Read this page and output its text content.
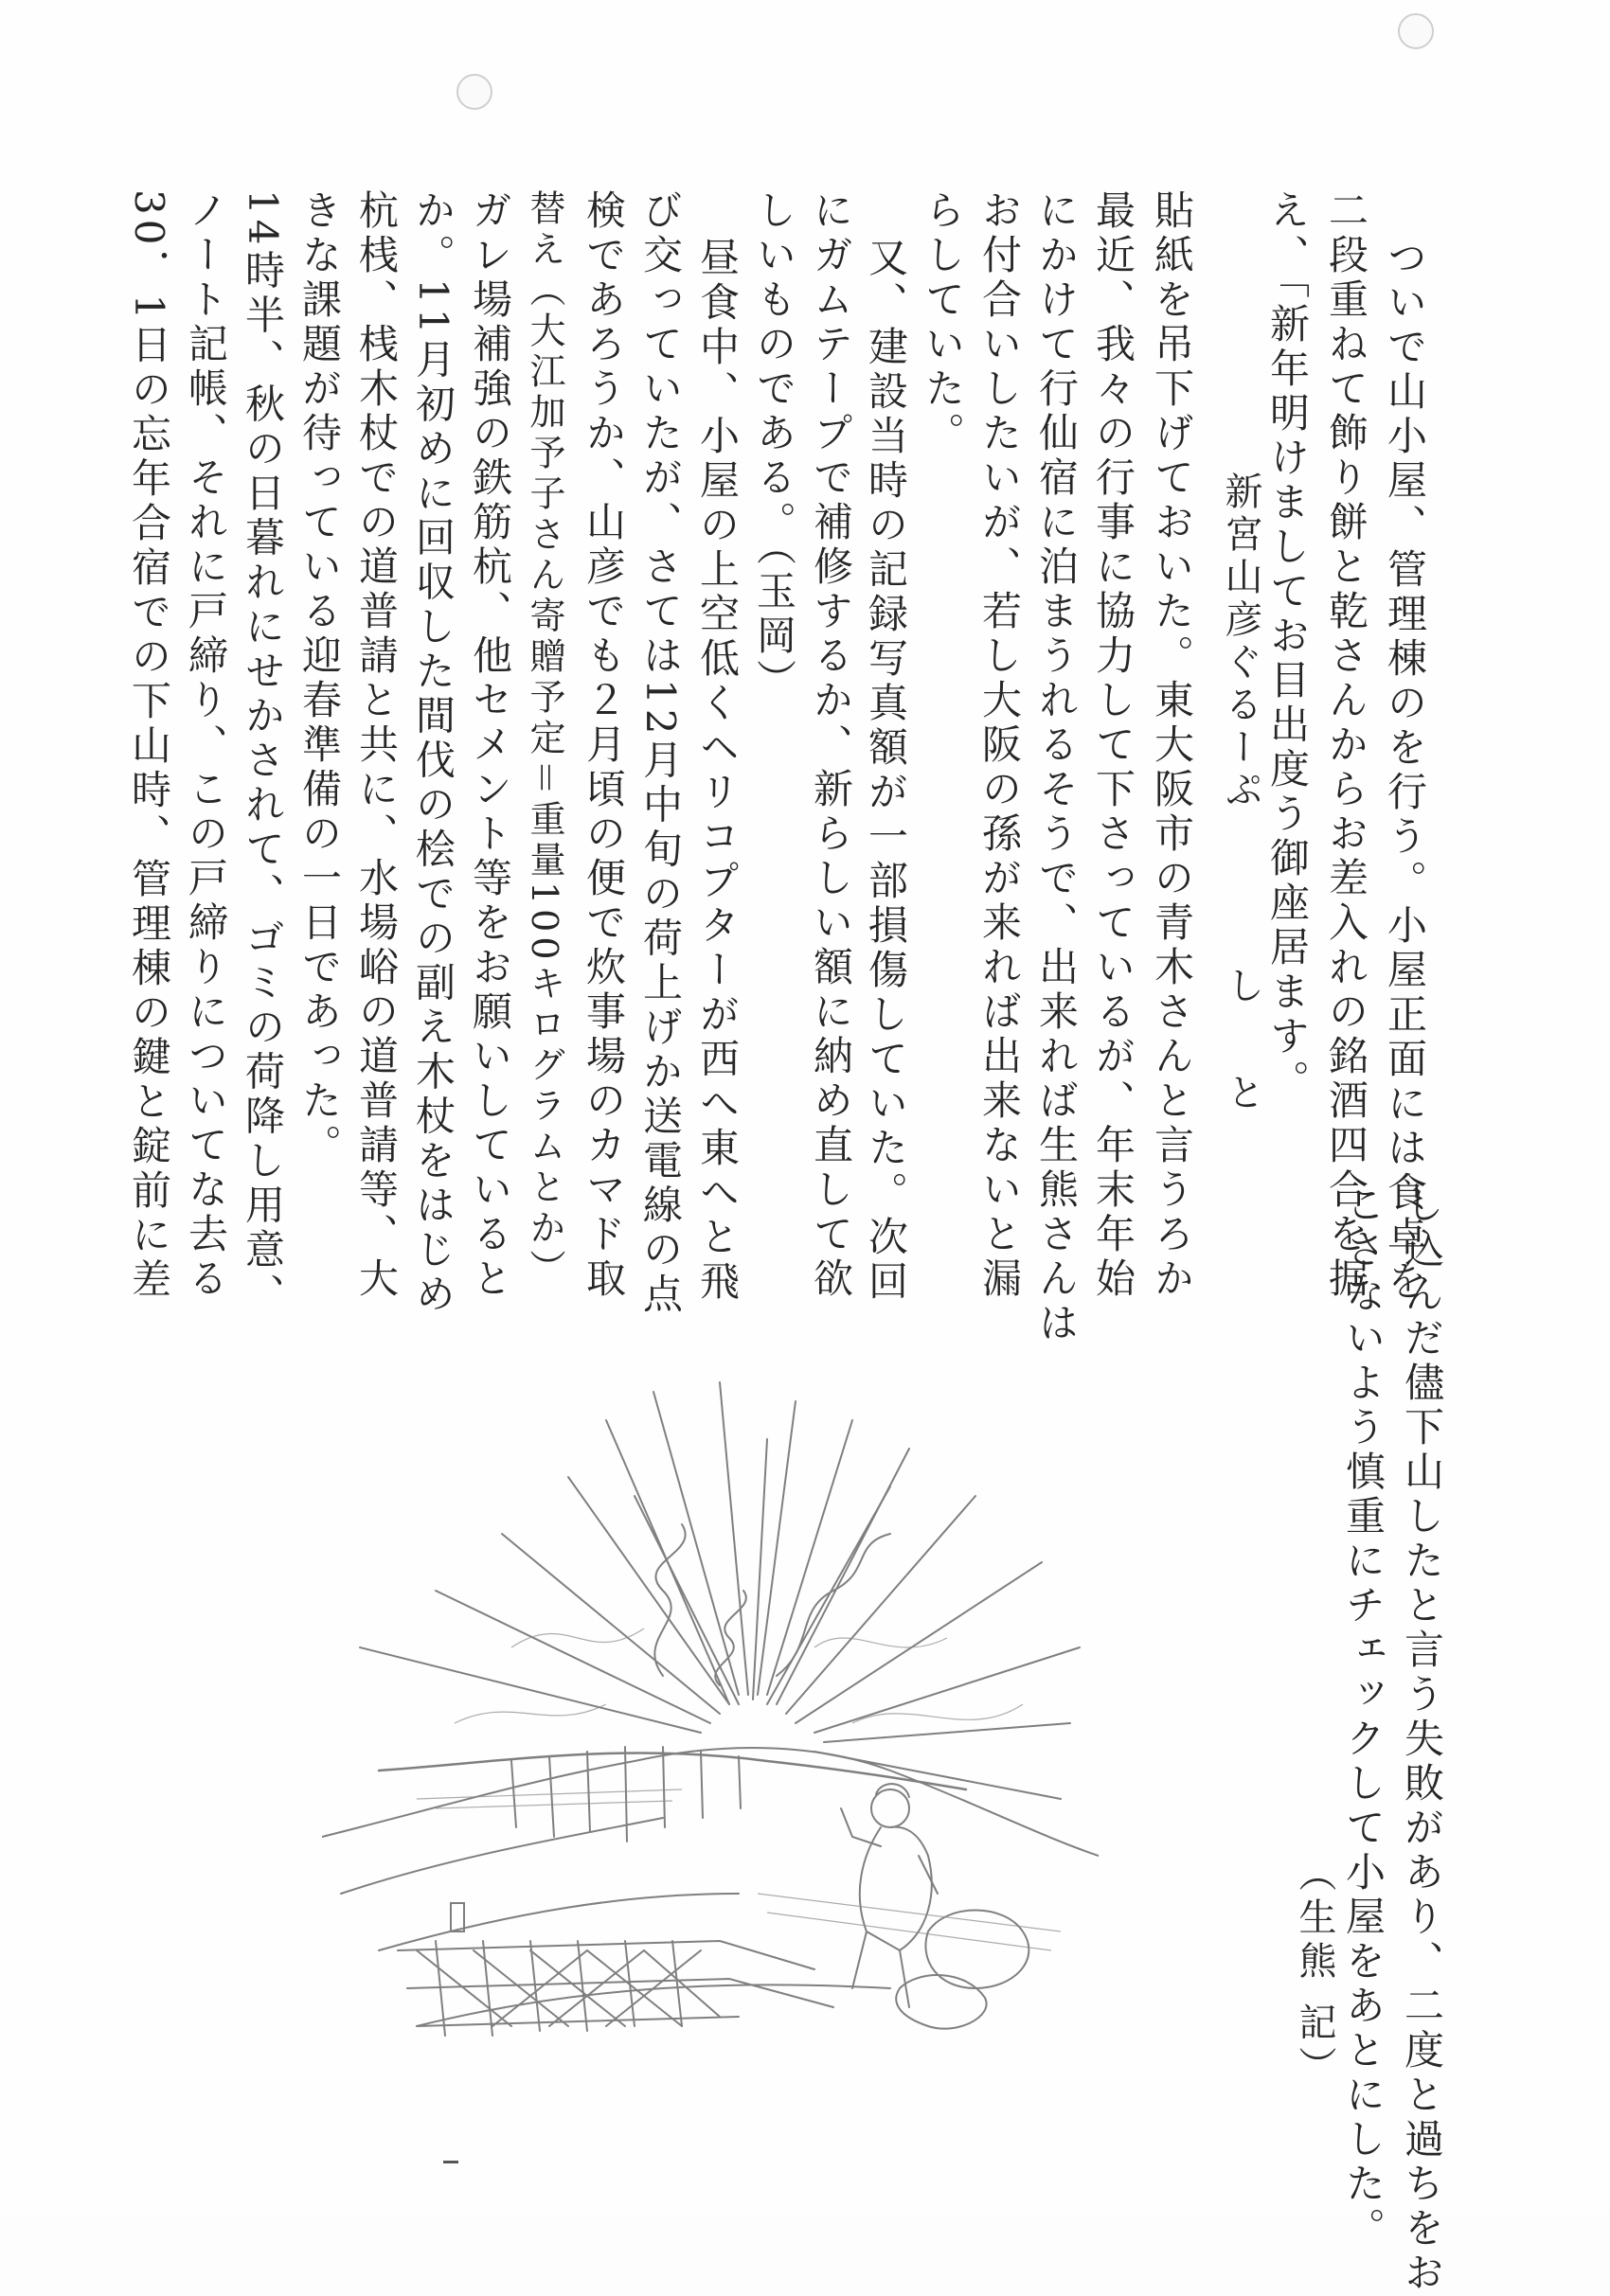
ついで山小屋、管理棟のを行う。小屋正面には食卓を
二段重ねて飾り餅と乾さんからお差入れの銘酒四合を据
え、「新年明けましてお目出度う御座居ます。
新宮山彦ぐるーぷ
し と
貼紙を吊下げておいた。東大阪市の青木さんと言うろか
最近、我々の行事に協力して下さっているが、年末年始
にかけて行仙宿に泊まうれるそうで、出来れば生熊さんは
お付合いしたいが、若し大阪の孫が来れば出来ないと漏
らしていた。
又、建設当時の記録写真額が一部損傷していた。次回
にガムテープで補修するか、新らしい額に納め直して欲
しいものである。（玉岡）
昼食中、小屋の上空低くヘリコプターが西へ東へと飛
び交っていたが、さては12月中旬の荷上げか送電線の点
検であろうか、山彦でも２月頃の便で炊事場のカマド取
替え（大江加予子さん寄贈予定＝重量100キログラムとか）
ガレ場補強の鉄筋杭、他セメント等をお願いしていると
か。11月初めに回収した間伐の桧での副え木杖をはじめ
杭桟、桟木杖での道普請と共に、水場峪の道普請等、大
きな課題が待っている迎春準備の一日であった。
14時半、秋の日暮れにせかされて、ゴミの荷降し用意、
ノート記帳、それに戸締り、この戸締りについてな去る
30．1日の忘年合宿での下山時、管理棟の鍵と錠前に差
し込んだ儘下山したと言う失敗があり、二度と過ちをお
こさないよう慎重にチェックして小屋をあとにした。
（生熊 記）
